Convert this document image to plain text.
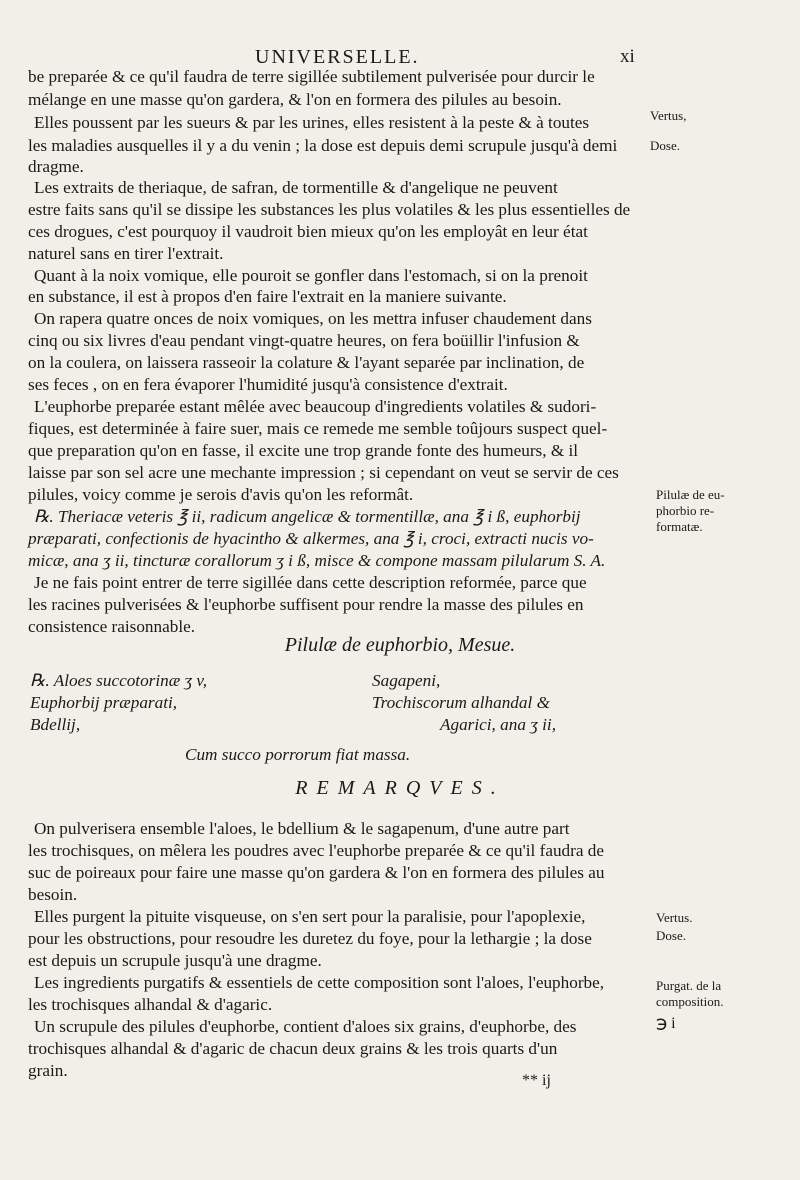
UNIVERSELLE.	xi
be preparée & ce qu'il faudra de terre sigillée subtilement pulverisée pour durcir le
mélange en une masse qu'on gardera, & l'on en formera des pilules au besoin.
Elles poussent par les sueurs & par les urines, elles resistent à la peste & à toutes
les maladies ausquelles il y a du venin ; la dose est depuis demi scrupule jusqu'à demi
dragme.
Les extraits de theriaque, de safran, de tormentille & d'angelique ne peuvent
estre faits sans qu'il se dissipe les substances les plus volatiles & les plus essentielles de
ces drogues, c'est pourquoy il vaudroit bien mieux qu'on les employât en leur état
naturel sans en tirer l'extrait.
Quant à la noix vomique, elle pouroit se gonfler dans l'estomach, si on la prenoit
en substance, il est à propos d'en faire l'extrait en la maniere suivante.
On rapera quatre onces de noix vomiques, on les mettra infuser chaudement dans
cinq ou six livres d'eau pendant vingt-quatre heures, on fera boüillir l'infusion &
on la coulera, on laissera rasseoir la colature & l'ayant separée par inclination, de
ses feces , on en fera évaporer l'humidité jusqu'à consistence d'extrait.
L'euphorbe preparée estant mêlée avec beaucoup d'ingredients volatiles & sudori-
fiques, est determinée à faire suer, mais ce remede me semble toûjours suspect quel-
que preparation qu'on en fasse, il excite une trop grande fonte des humeurs, & il
laisse par son sel acre une mechante impression ; si cependant on veut se servir de ces
pilules, voicy comme je serois d'avis qu'on les reformât.
℞. Theriacæ veteris ℥ ii, radicum angelicæ & tormentillæ, ana ℥ i ß, euphorbij
præparati, confectionis de hyacintho & alkermes, ana ℥ i, croci, extracti nucis vo-
micæ, ana ʒ ii, tincturæ corallorum ʒ i ß, misce & compone massam pilularum S. A.
Je ne fais point entrer de terre sigillée dans cette description reformée, parce que
les racines pulverisées & l'euphorbe suffisent pour rendre la masse des pilules en
consistence raisonnable.
Pilulæ de euphorbio, Mesue.
℞. Aloes succotorinæ ʒ v,
Euphorbij præparati,
Bdellij,
Sagapeni,
Trochiscorum alhandal &
Agarici, ana ʒ ii,
Cum succo porrorum fiat massa.
REMARQVES.
On pulverisera ensemble l'aloes, le bdellium & le sagapenum, d'une autre part
les trochisques, on mêlera les poudres avec l'euphorbe preparée & ce qu'il faudra de
suc de poireaux pour faire une masse qu'on gardera & l'on en formera des pilules au
besoin.
Elles purgent la pituite visqueuse, on s'en sert pour la paralisie, pour l'apoplexie,
pour les obstructions, pour resoudre les duretez du foye, pour la lethargie ; la dose
est depuis un scrupule jusqu'à une dragme.
Les ingredients purgatifs & essentiels de cette composition sont l'aloes, l'euphorbe,
les trochisques alhandal & d'agaric.
Un scrupule des pilules d'euphorbe, contient d'aloes six grains, d'euphorbe, des
trochisques alhandal & d'agaric de chacun deux grains & les trois quarts d'un
grain.
Vertus,
Dose.
Pilulæ de eu-
phorbio re-
formatæ.
Vertus.
Dose.
Purgat. de la
composition.
℈ i
** ij
